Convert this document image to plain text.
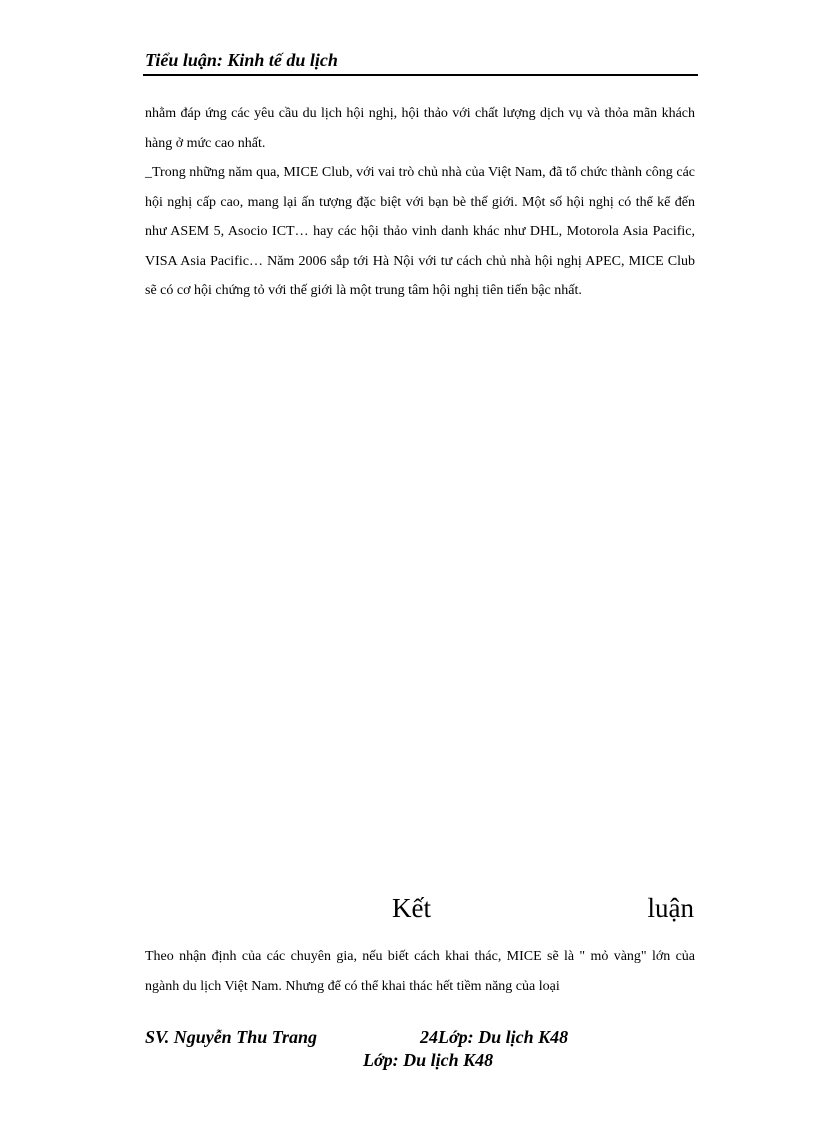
Tiểu luận: Kinh tế du lịch

nhằm đáp ứng các yêu cầu du lịch hội nghị, hội thảo với chất lượng dịch vụ và thỏa mãn khách hàng ở mức cao nhất.

_Trong những năm qua, MICE Club, với vai trò chủ nhà của Việt Nam, đã tổ chức thành công các hội nghị cấp cao, mang lại ấn tượng đặc biệt với bạn bè thế giới. Một số hội nghị có thể kể đến như ASEM 5, Asocio ICT… hay các hội thảo vinh danh khác như DHL, Motorola Asia Pacific, VISA Asia Pacific… Năm 2006 sắp tới Hà Nội với tư cách chủ nhà hội nghị APEC, MICE Club sẽ có cơ hội chứng tỏ với thế giới là một trung tâm hội nghị tiên tiến bậc nhất.

Kết	luận

Theo nhận định của các chuyên gia, nếu biết cách khai thác, MICE sẽ là " mỏ vàng" lớn của ngành du lịch Việt Nam. Nhưng để có thể khai thác hết tiềm năng của loại

SV. Nguyễn Thu Trang	24Lớp: Du lịch K48
Lớp: Du lịch K48
